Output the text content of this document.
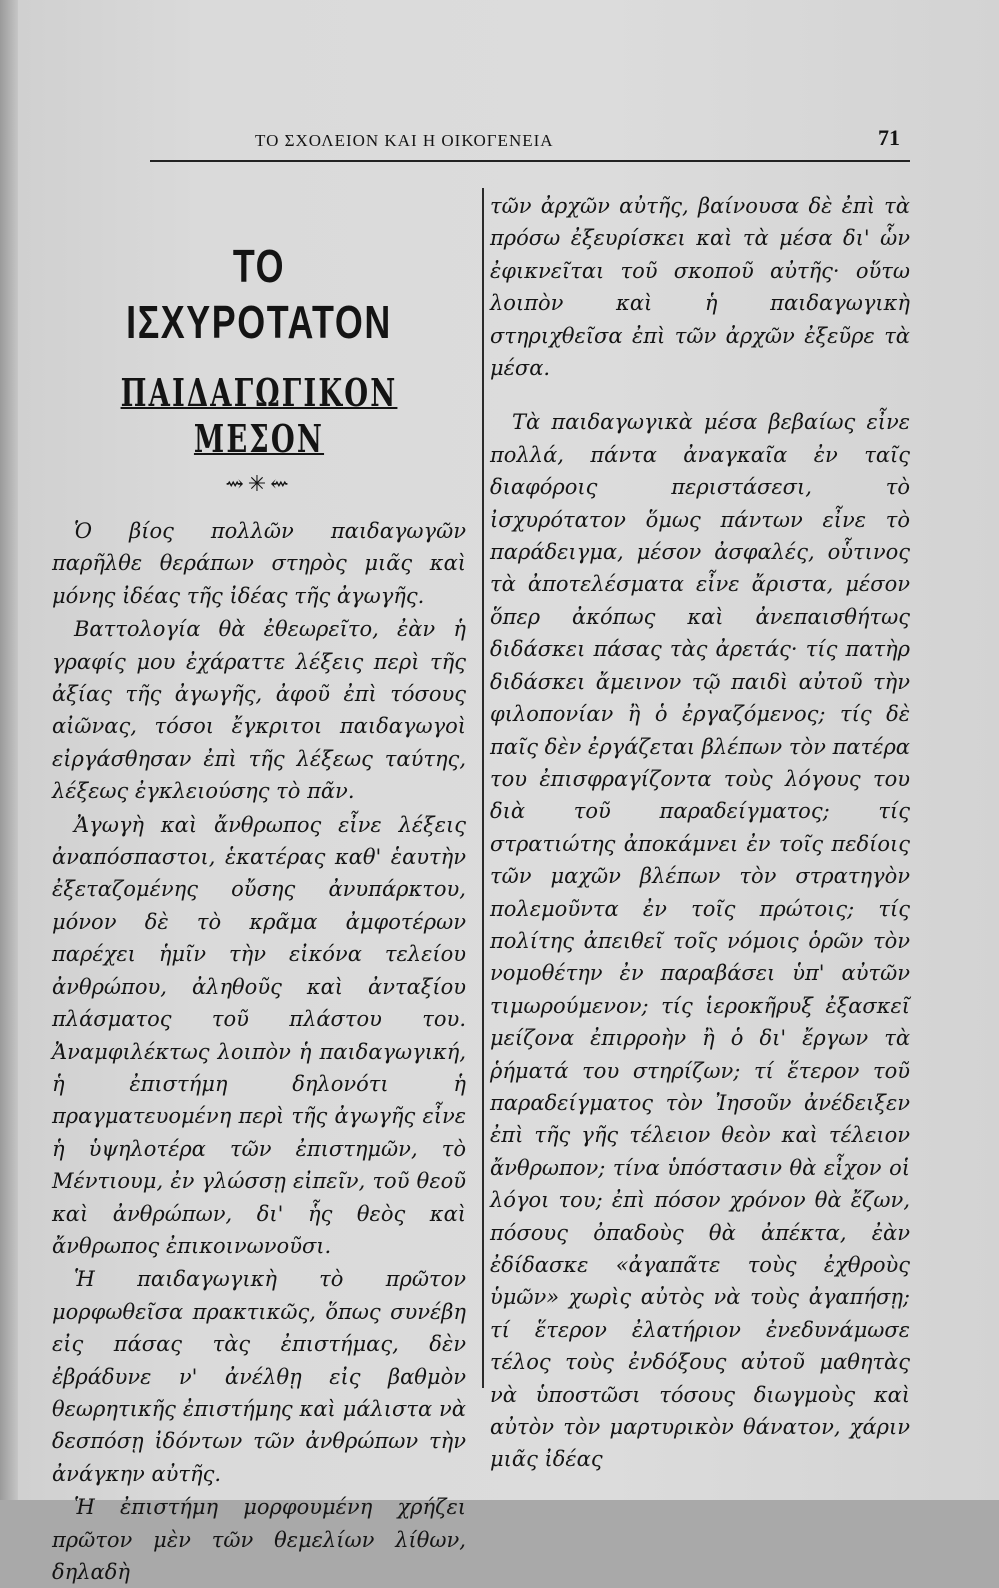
ΤΟ ΣΧΟΛΕΙΟΝ ΚΑΙ Η ΟΙΚΟΓΕΝΕΙΑ	71
ΤΟ ΙΣΧΥΡΟΤΑΤΟΝ
ΠΑΙΔΑΓΩΓΙΚΟΝ ΜΕΣΟΝ
⇝✳⇜

Ὁ βίος πολλῶν παιδαγωγῶν παρῆλθε θεράπων στηρὸς μιᾶς καὶ μόνης ἰδέας τῆς ἰδέας τῆς ἀγωγῆς.

Βαττολογία θὰ ἐθεωρεῖτο, ἐὰν ἡ γραφίς μου ἐχάραττε λέξεις περὶ τῆς ἀξίας τῆς ἀγωγῆς, ἀφοῦ ἐπὶ τόσους αἰῶνας, τόσοι ἔγκριτοι παιδαγωγοὶ εἰργάσθησαν ἐπὶ τῆς λέξεως ταύτης, λέξεως ἐγκλειούσης τὸ πᾶν.

Ἀγωγὴ καὶ ἄνθρωπος εἶνε λέξεις ἀναπόσπαστοι, ἑκατέρας καθ' ἑαυτὴν ἐξεταζομένης οὔσης ἀνυπάρκτου, μόνον δὲ τὸ κρᾶμα ἀμφοτέρων παρέχει ἡμῖν τὴν εἰκόνα τελείου ἀνθρώπου, ἀληθοῦς καὶ ἀνταξίου πλάσματος τοῦ πλάστου του. Ἀναμφιλέκτως λοιπὸν ἡ παιδαγωγική, ἡ ἐπιστήμη δηλονότι ἡ πραγματευομένη περὶ τῆς ἀγωγῆς εἶνε ἡ ὑψηλοτέρα τῶν ἐπιστημῶν, τὸ Μέντιουμ, ἐν γλώσσῃ εἰπεῖν, τοῦ θεοῦ καὶ ἀνθρώπων, δι' ἧς θεὸς καὶ ἄνθρωπος ἐπικοινωνοῦσι.

Ἡ παιδαγωγικὴ τὸ πρῶτον μορφωθεῖσα πρακτικῶς, ὅπως συνέβη εἰς πάσας τὰς ἐπιστήμας, δὲν ἐβράδυνε ν' ἀνέλθῃ εἰς βαθμὸν θεωρητικῆς ἐπιστήμης καὶ μάλιστα νὰ δεσπόσῃ ἰδόντων τῶν ἀνθρώπων τὴν ἀνάγκην αὐτῆς.

Ἡ ἐπιστήμη μορφουμένη χρήζει πρῶτον μὲν τῶν θεμελίων λίθων, δηλαδὴ

τῶν ἀρχῶν αὐτῆς, βαίνουσα δὲ ἐπὶ τὰ πρόσω ἐξευρίσκει καὶ τὰ μέσα δι' ὧν ἐφικνεῖται τοῦ σκοποῦ αὐτῆς· οὕτω λοιπὸν καὶ ἡ παιδαγωγικὴ στηριχθεῖσα ἐπὶ τῶν ἀρχῶν ἐξεῦρε τὰ μέσα.

Τὰ παιδαγωγικὰ μέσα βεβαίως εἶνε πολλά, πάντα ἀναγκαῖα ἐν ταῖς διαφόροις περιστάσεσι, τὸ ἰσχυρότατον ὅμως πάντων εἶνε τὸ παράδειγμα, μέσον ἀσφαλές, οὗτινος τὰ ἀποτελέσματα εἶνε ἄριστα, μέσον ὅπερ ἀκόπως καὶ ἀνεπαισθήτως διδάσκει πάσας τὰς ἀρετάς· τίς πατὴρ διδάσκει ἄμεινον τῷ παιδὶ αὐτοῦ τὴν φιλοπονίαν ἢ ὁ ἐργαζόμενος; τίς δὲ παῖς δὲν ἐργάζεται βλέπων τὸν πατέρα του ἐπισφραγίζοντα τοὺς λόγους του διὰ τοῦ παραδείγματος; τίς στρατιώτης ἀποκάμνει ἐν τοῖς πεδίοις τῶν μαχῶν βλέπων τὸν στρατηγὸν πολεμοῦντα ἐν τοῖς πρώτοις; τίς πολίτης ἀπειθεῖ τοῖς νόμοις ὁρῶν τὸν νομοθέτην ἐν παραβάσει ὑπ' αὐτῶν τιμωρούμενον; τίς ἱεροκῆρυξ ἐξασκεῖ μείζονα ἐπιρροὴν ἢ ὁ δι' ἔργων τὰ ῥήματά του στηρίζων; τί ἕτερον τοῦ παραδείγματος τὸν Ἰησοῦν ἀνέδειξεν ἐπὶ τῆς γῆς τέλειον θεὸν καὶ τέλειον ἄνθρωπον; τίνα ὑπόστασιν θὰ εἶχον οἱ λόγοι του; ἐπὶ πόσον χρόνον θὰ ἔζων, πόσους ὀπαδοὺς θὰ ἀπέκτα, ἐὰν ἐδίδασκε «ἀγαπᾶτε τοὺς ἐχθροὺς ὑμῶν» χωρὶς αὐτὸς νὰ τοὺς ἀγαπήσῃ; τί ἕτερον ἐλατήριον ἐνεδυνάμωσε τέλος τοὺς ἐνδόξους αὐτοῦ μαθητὰς νὰ ὑποστῶσι τόσους διωγμοὺς καὶ αὐτὸν τὸν μαρτυρικὸν θάνατον, χάριν μιᾶς ἰδέας
